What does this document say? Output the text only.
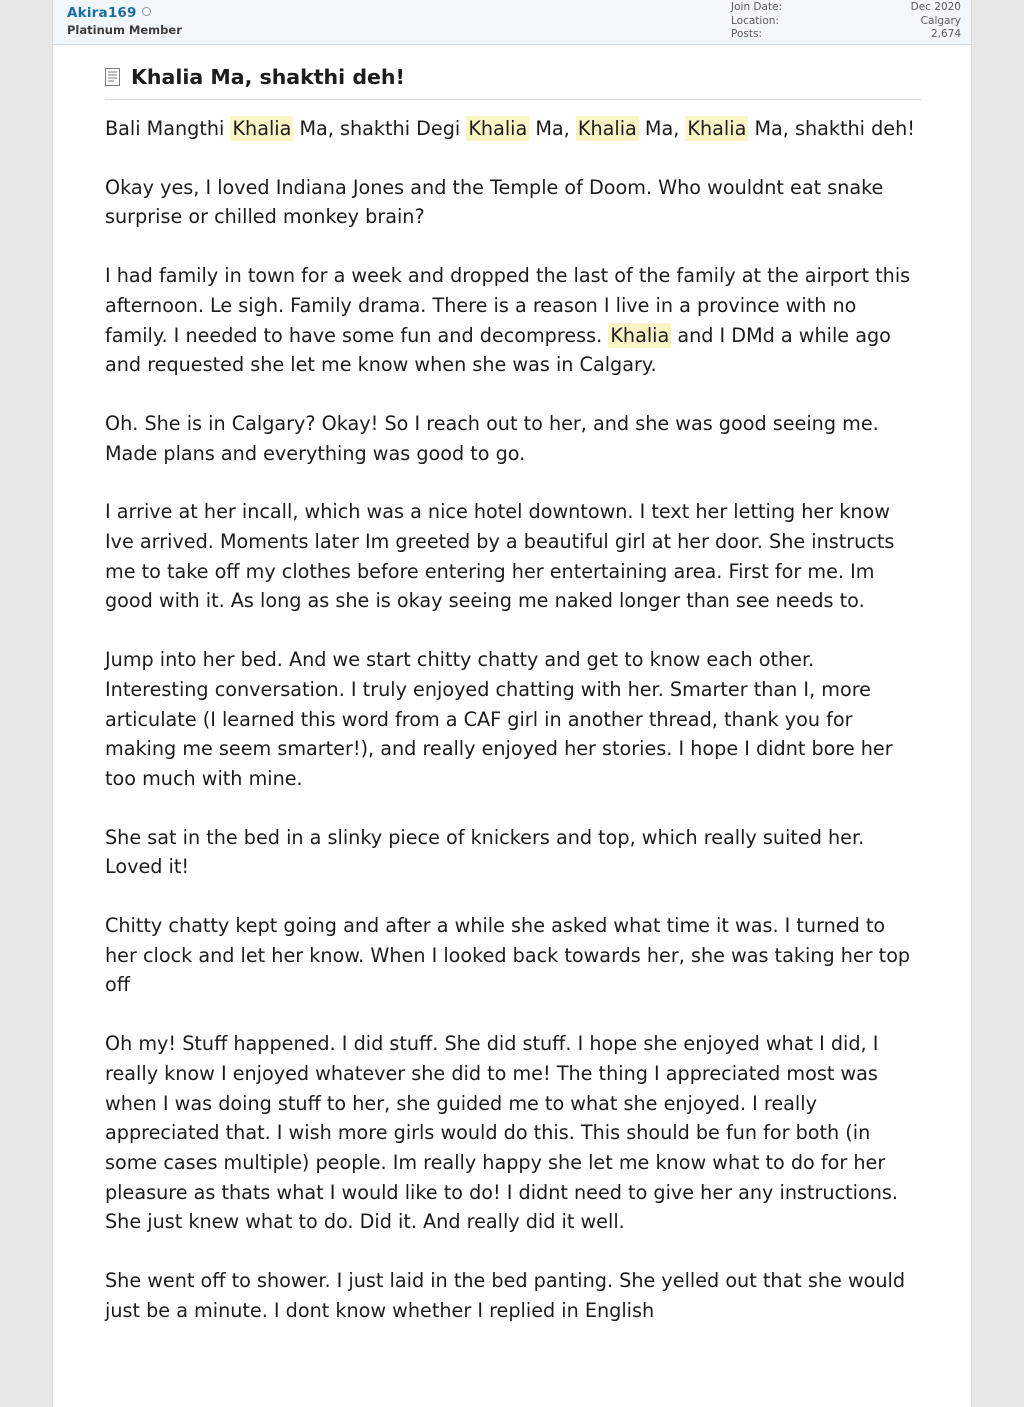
Akira169
Platinum Member
Join Date:	Dec 2020
Location:	Calgary
Posts:	2,674
Khalia Ma, shakthi deh!

Bali Mangthi Khalia Ma, shakthi Degi Khalia Ma, Khalia Ma, Khalia Ma, shakthi deh!

Okay yes, I loved Indiana Jones and the Temple of Doom. Who wouldnt eat snake surprise or chilled monkey brain?

I had family in town for a week and dropped the last of the family at the airport this afternoon. Le sigh. Family drama. There is a reason I live in a province with no family. I needed to have some fun and decompress. Khalia and I DMd a while ago and requested she let me know when she was in Calgary.

Oh. She is in Calgary? Okay! So I reach out to her, and she was good seeing me. Made plans and everything was good to go.

I arrive at her incall, which was a nice hotel downtown. I text her letting her know Ive arrived. Moments later Im greeted by a beautiful girl at her door. She instructs me to take off my clothes before entering her entertaining area. First for me. Im good with it. As long as she is okay seeing me naked longer than see needs to.

Jump into her bed. And we start chitty chatty and get to know each other. Interesting conversation. I truly enjoyed chatting with her. Smarter than I, more articulate (I learned this word from a CAF girl in another thread, thank you for making me seem smarter!), and really enjoyed her stories. I hope I didnt bore her too much with mine.

She sat in the bed in a slinky piece of knickers and top, which really suited her. Loved it!

Chitty chatty kept going and after a while she asked what time it was. I turned to her clock and let her know. When I looked back towards her, she was taking her top off

Oh my! Stuff happened. I did stuff. She did stuff. I hope she enjoyed what I did, I really know I enjoyed whatever she did to me! The thing I appreciated most was when I was doing stuff to her, she guided me to what she enjoyed. I really appreciated that. I wish more girls would do this. This should be fun for both (in some cases multiple) people. Im really happy she let me know what to do for her pleasure as thats what I would like to do! I didnt need to give her any instructions. She just knew what to do. Did it. And really did it well.

She went off to shower. I just laid in the bed panting. She yelled out that she would just be a minute. I dont know whether I replied in English
